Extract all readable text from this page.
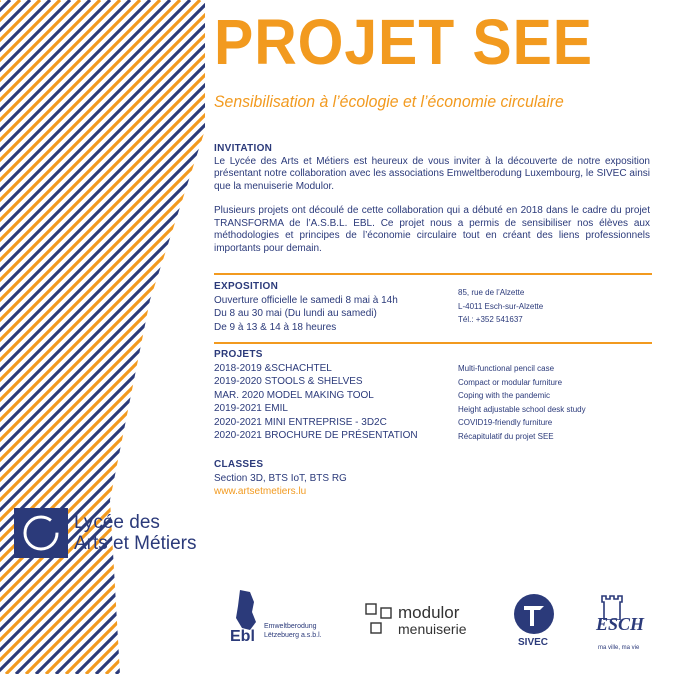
PROJET SEE
Sensibilisation à l’écologie et l’économie circulaire
INVITATION
Le Lycée des Arts et Métiers est heureux de vous inviter à la découverte de notre exposition présentant notre collaboration avec les associations Emweltberodung Luxembourg, le SIVEC ainsi que la menuiserie Modulor.
Plusieurs projets ont découlé de cette collaboration qui a débuté en 2018 dans le cadre du projet TRANSFORMA de l’A.S.B.L. EBL. Ce projet nous a permis de sensibiliser nos élèves aux méthodologies et principes de l’économie circulaire tout en créant des liens professionnels importants pour demain.
EXPOSITION
Ouverture officielle le samedi 8 mai à 14h
Du 8 au 30 mai (Du lundi au samedi)
De 9 à 13 & 14 à 18 heures
85, rue de l’Alzette
L-4011 Esch-sur-Alzette
Tél.: +352 541637
PROJETS
2018-2019 &SCHACHTEL
2019-2020 STOOLS & SHELVES
MAR. 2020 MODEL MAKING TOOL
2019-2021 EMIL
2020-2021 MINI ENTREPRISE - 3D2C
2020-2021 BROCHURE DE PRÉSENTATION
Multi-functional pencil case
Compact or modular furniture
Coping with the pandemic
Height adjustable school desk study
COVID19-friendly furniture
Récapitulatif du projet SEE
CLASSES
Section 3D, BTS IoT, BTS RG
www.artsetmetiers.lu
Lycée des
Arts et Métiers
Ebl
Emweltberodung
Lëtzebuerg a.s.b.l.
modulor
menuiserie
SIVEC
ESCH
ma ville, ma vie
